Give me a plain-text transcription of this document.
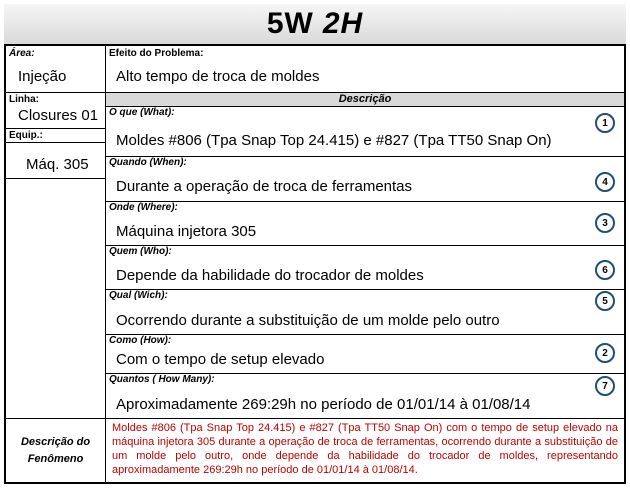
5W 2H
Área:
Injeção
Linha:
Closures 01
Equip.:
Máq. 305
Efeito do Problema:
Alto tempo de troca de moldes
Descrição
O que (What):
Moldes #806 (Tpa Snap Top 24.415) e #827 (Tpa TT50 Snap On)
1
Quando (When):
Durante a operação de troca de ferramentas	4
Onde (Where):
Máquina injetora 305	3
Quem (Who):
Depende da habilidade do trocador de moldes	6
Qual (Wich):
Ocorrendo durante a substituição de um molde pelo outro
5
Como (How):
Com o tempo de setup elevado	2
Quantos ( How Many):
Aproximadamente 269:29h no período de 01/01/14 à 01/08/14
7
Descrição do
Fenômeno
Moldes #806 (Tpa Snap Top 24.415) e #827 (Tpa TT50 Snap On) com o tempo de setup elevado na máquina injetora 305 durante a operação de troca de ferramentas, ocorrendo durante a substituição de um molde pelo outro, onde depende da habilidade do trocador de moldes, representando aproximadamente 269:29h no período de 01/01/14 à 01/08/14.
